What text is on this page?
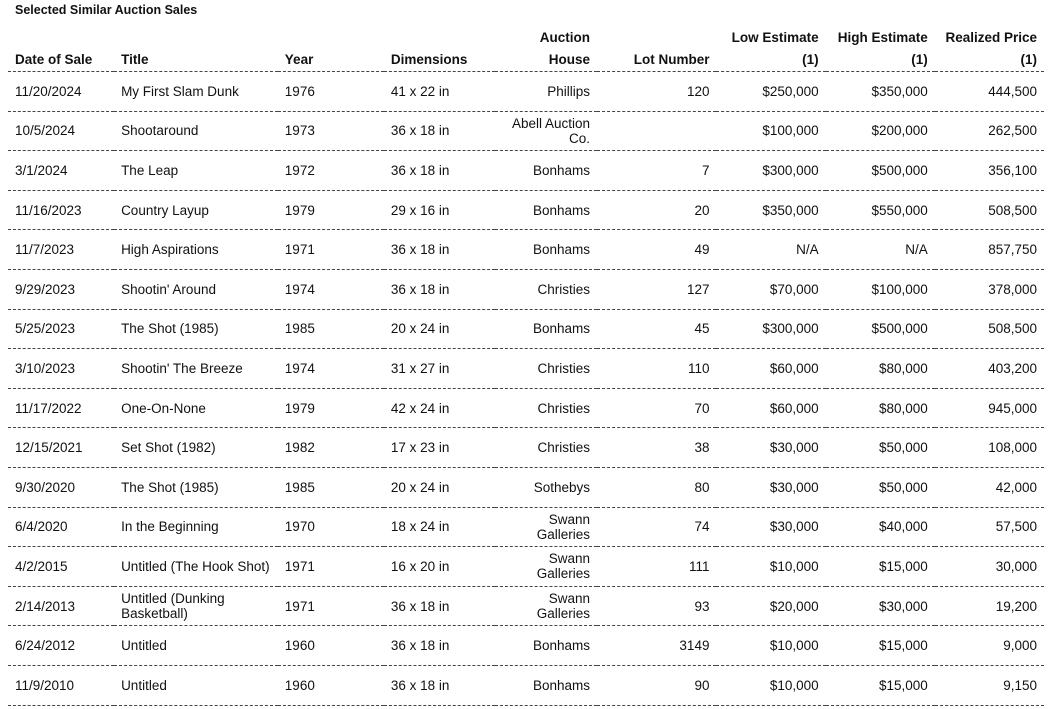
Selected Similar Auction Sales
Date of Sale	Title	Year	Dimensions	Auction House	Lot Number	Low Estimate (1)	High Estimate (1)	Realized Price (1)
11/20/2024	My First Slam Dunk	1976	41 x 22 in	Phillips	120	$250,000	$350,000	444,500
10/5/2024	Shootaround	1973	36 x 18 in	Abell Auction Co.		$100,000	$200,000	262,500
3/1/2024	The Leap	1972	36 x 18 in	Bonhams	7	$300,000	$500,000	356,100
11/16/2023	Country Layup	1979	29 x 16 in	Bonhams	20	$350,000	$550,000	508,500
11/7/2023	High Aspirations	1971	36 x 18 in	Bonhams	49	N/A	N/A	857,750
9/29/2023	Shootin' Around	1974	36 x 18 in	Christies	127	$70,000	$100,000	378,000
5/25/2023	The Shot (1985)	1985	20 x 24 in	Bonhams	45	$300,000	$500,000	508,500
3/10/2023	Shootin' The Breeze	1974	31 x 27 in	Christies	110	$60,000	$80,000	403,200
11/17/2022	One-On-None	1979	42 x 24 in	Christies	70	$60,000	$80,000	945,000
12/15/2021	Set Shot (1982)	1982	17 x 23 in	Christies	38	$30,000	$50,000	108,000
9/30/2020	The Shot (1985)	1985	20 x 24 in	Sothebys	80	$30,000	$50,000	42,000
6/4/2020	In the Beginning	1970	18 x 24 in	Swann Galleries	74	$30,000	$40,000	57,500
4/2/2015	Untitled (The Hook Shot)	1971	16 x 20 in	Swann Galleries	111	$10,000	$15,000	30,000
2/14/2013	Untitled (Dunking Basketball)	1971	36 x 18 in	Swann Galleries	93	$20,000	$30,000	19,200
6/24/2012	Untitled	1960	36 x 18 in	Bonhams	3149	$10,000	$15,000	9,000
11/9/2010	Untitled	1960	36 x 18 in	Bonhams	90	$10,000	$15,000	9,150
